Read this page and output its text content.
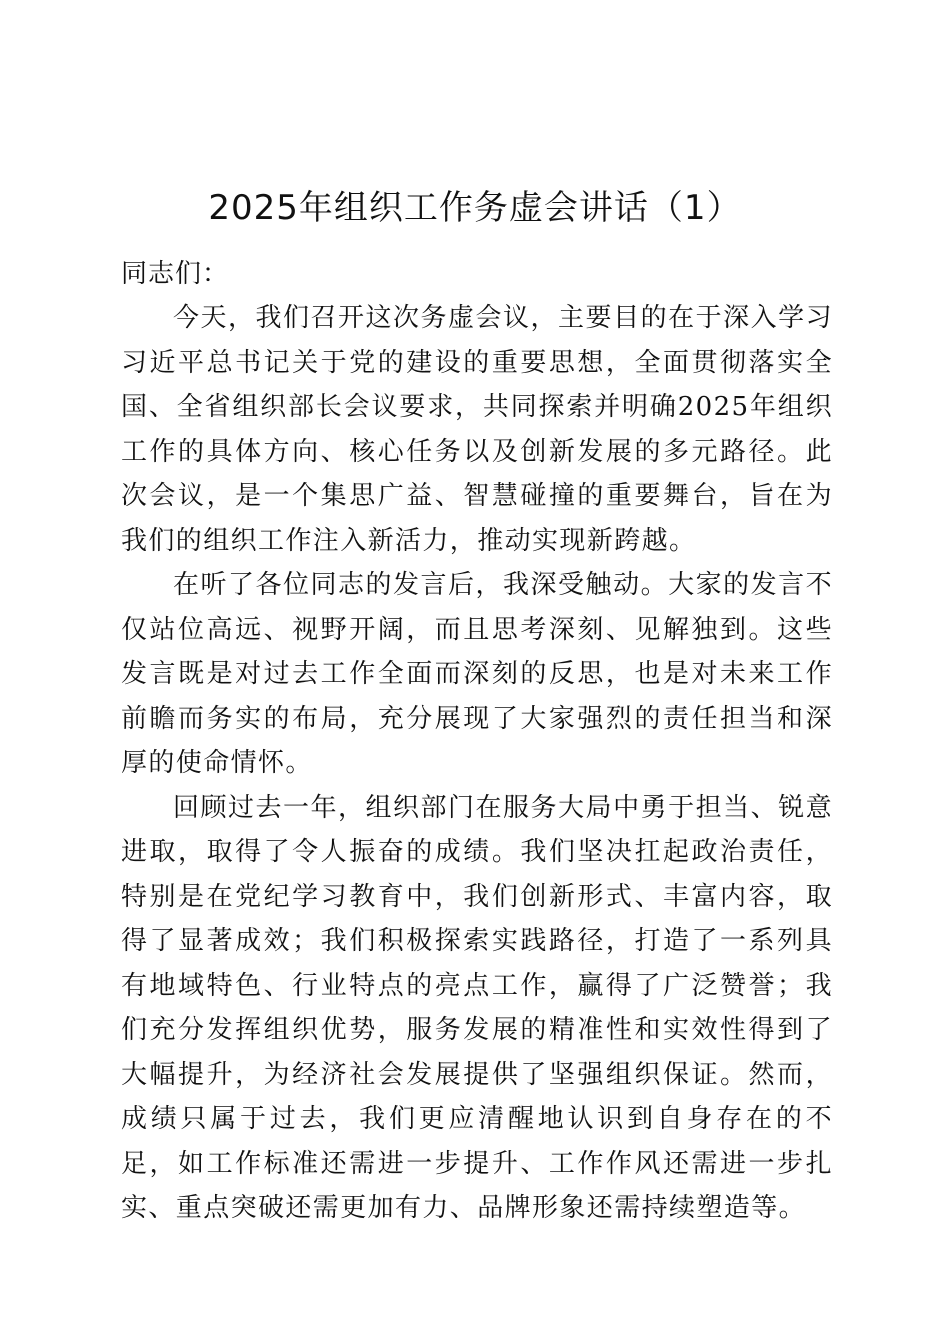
2025年组织工作务虚会讲话（1）

同志们：

今天，我们召开这次务虚会议，主要目的在于深入学习习近平总书记关于党的建设的重要思想，全面贯彻落实全国、全省组织部长会议要求，共同探索并明确2025年组织工作的具体方向、核心任务以及创新发展的多元路径。此次会议，是一个集思广益、智慧碰撞的重要舞台，旨在为我们的组织工作注入新活力，推动实现新跨越。

在听了各位同志的发言后，我深受触动。大家的发言不仅站位高远、视野开阔，而且思考深刻、见解独到。这些发言既是对过去工作全面而深刻的反思，也是对未来工作前瞻而务实的布局，充分展现了大家强烈的责任担当和深厚的使命情怀。

回顾过去一年，组织部门在服务大局中勇于担当、锐意进取，取得了令人振奋的成绩。我们坚决扛起政治责任，特别是在党纪学习教育中，我们创新形式、丰富内容，取得了显著成效；我们积极探索实践路径，打造了一系列具有地域特色、行业特点的亮点工作，赢得了广泛赞誉；我们充分发挥组织优势，服务发展的精准性和实效性得到了大幅提升，为经济社会发展提供了坚强组织保证。然而，成绩只属于过去，我们更应清醒地认识到自身存在的不足，如工作标准还需进一步提升、工作作风还需进一步扎实、重点突破还需更加有力、品牌形象还需持续塑造等。
